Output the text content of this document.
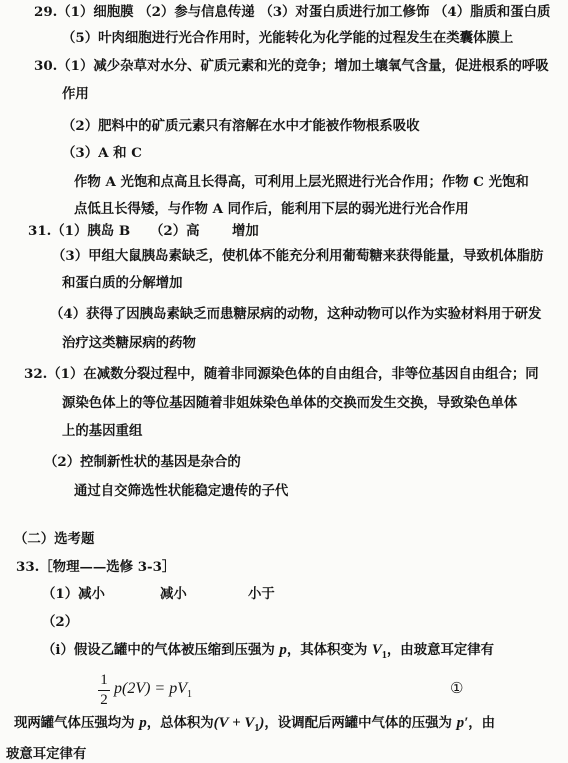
29.（1）细胞膜 （2）参与信息传递 （3）对蛋白质进行加工修饰 （4）脂质和蛋白质
（5）叶肉细胞进行光合作用时，光能转化为化学能的过程发生在类囊体膜上
30.（1）减少杂草对水分、矿质元素和光的竞争；增加土壤氧气含量，促进根系的呼吸
作用
（2）肥料中的矿质元素只有溶解在水中才能被作物根系吸收
（3）A 和 C
作物 A 光饱和点高且长得高，可利用上层光照进行光合作用；作物 C 光饱和
点低且长得矮，与作物 A 同作后，能利用下层的弱光进行光合作用
31.（1）胰岛 B （2）高 增加
（3）甲组大鼠胰岛素缺乏，使机体不能充分利用葡萄糖来获得能量，导致机体脂肪
和蛋白质的分解增加
（4）获得了因胰岛素缺乏而患糖尿病的动物，这种动物可以作为实验材料用于研发
治疗这类糖尿病的药物
32.（1）在减数分裂过程中，随着非同源染色体的自由组合，非等位基因自由组合；同
源染色体上的等位基因随着非姐妹染色单体的交换而发生交换，导致染色单体
上的基因重组
（2）控制新性状的基因是杂合的
通过自交筛选性状能稳定遗传的子代
（二）选考题
33.［物理——选修 3-3］
（1）减小	减小	小于
（2）
（i）假设乙罐中的气体被压缩到压强为 p，其体积变为 $V_1$，由玻意耳定律有
1
2
$p(2V) = pV_1$	①
现两罐气体压强均为 p，总体积为$(V + V_1)$，设调配后两罐中气体的压强为 p′，由
玻意耳定律有
